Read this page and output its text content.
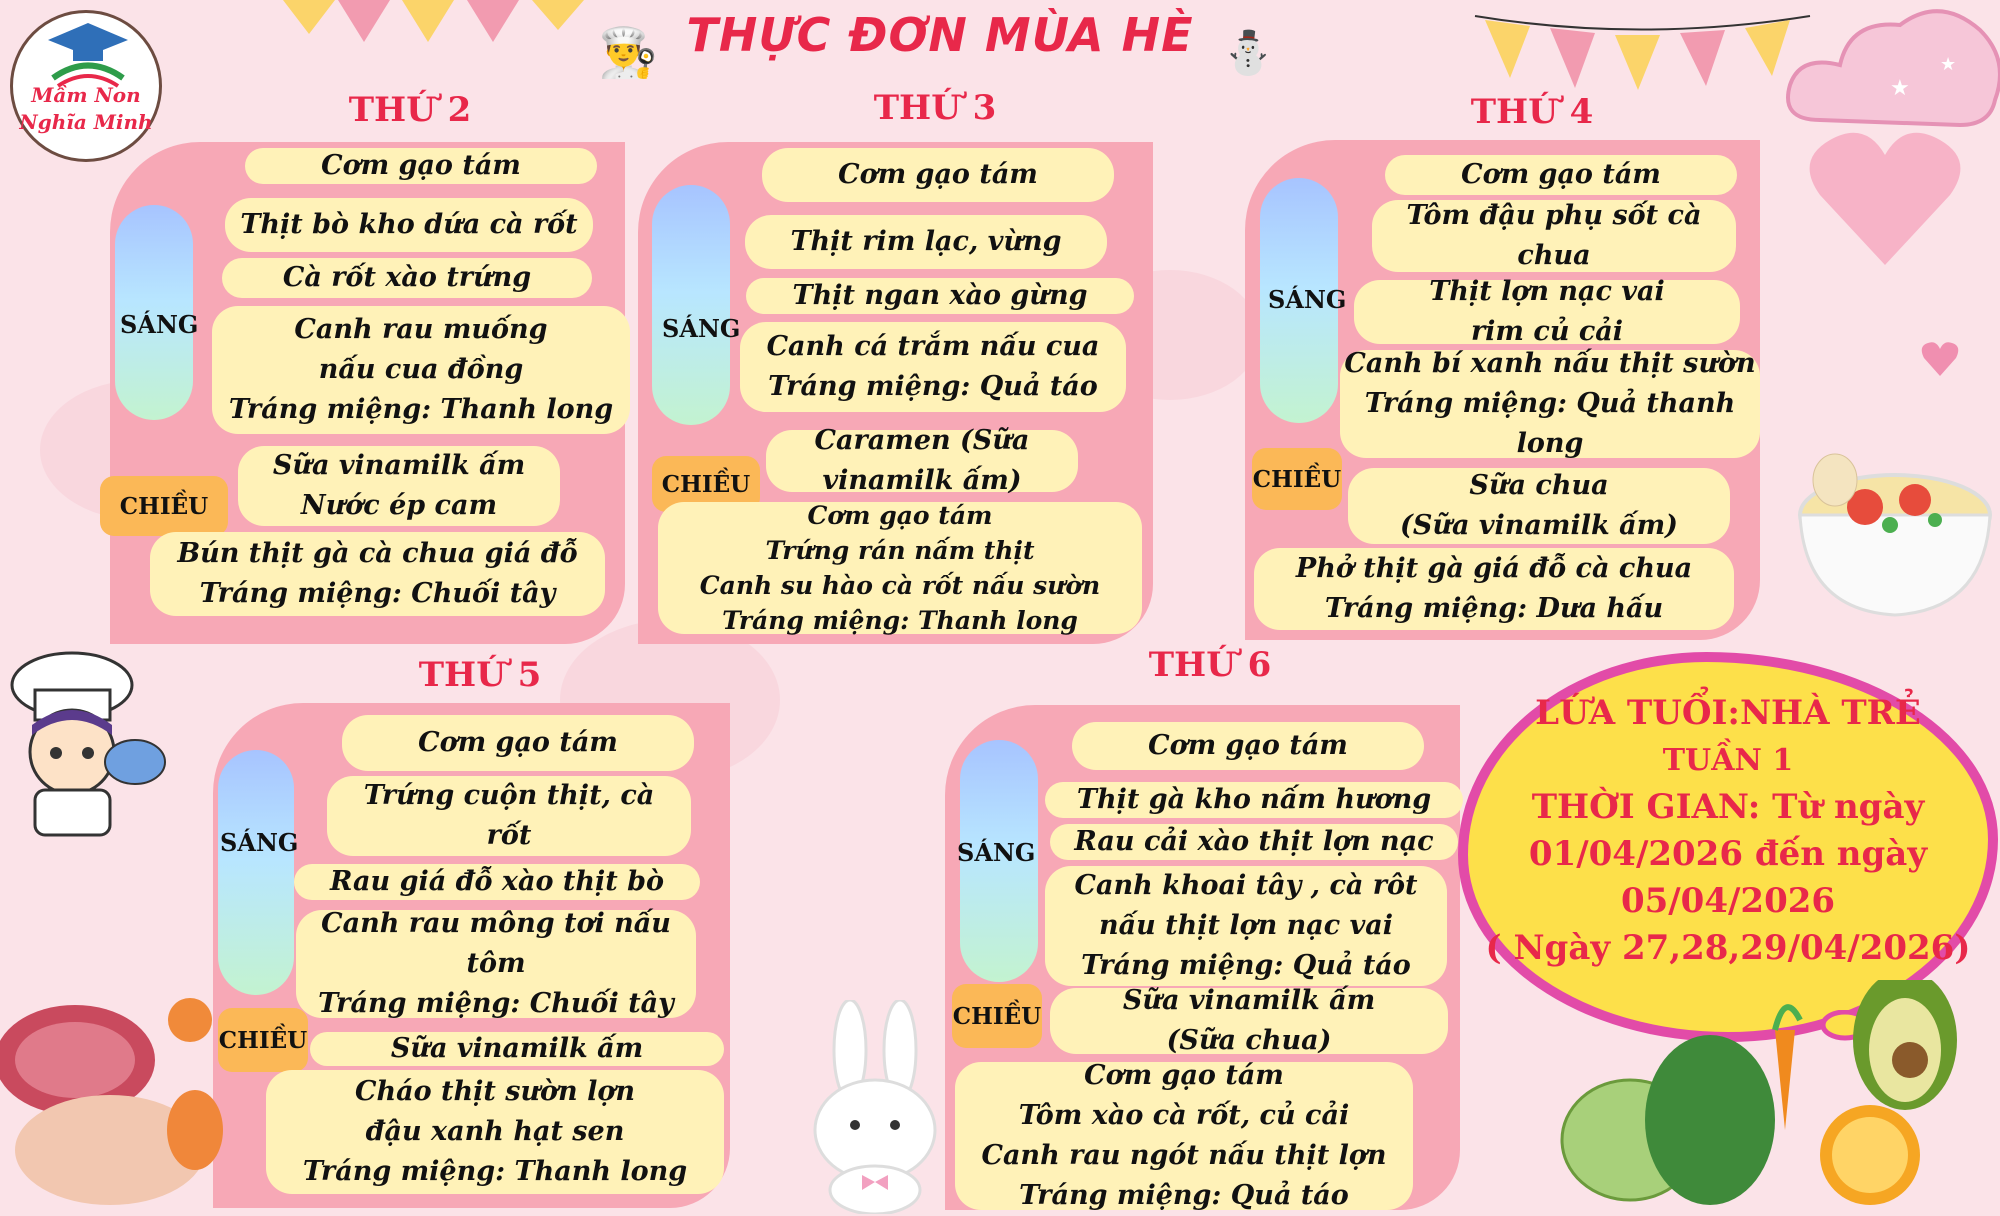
★
★
Mầm Non
Nghĩa Minh
THỰC ĐƠN MÙA HÈ
👨‍🍳	⛄
THỨ 2
SÁNG
Cơm gạo tám
Thịt bò kho dứa cà rốt
Cà rốt xào trứng
Canh rau muống
nấu cua đồng
Tráng miệng: Thanh long
CHIỀU
Sữa vinamilk ấm
Nước ép cam
Bún thịt gà cà chua giá đỗ
Tráng miệng: Chuối tây
THỨ 3
SÁNG
Cơm gạo tám
Thịt rim lạc, vừng
Thịt ngan xào gừng
Canh cá trắm nấu cua
Tráng miệng: Quả táo
CHIỀU
Caramen (Sữa
vinamilk ấm)
Cơm gạo tám
Trứng rán nấm thịt
Canh su hào cà rốt nấu sườn
Tráng miệng: Thanh long
THỨ 4
SÁNG
Cơm gạo tám
Tôm đậu phụ sốt cà
chua
Thịt lợn nạc vai
rim củ cải
Canh bí xanh nấu thịt sườn
Tráng miệng: Quả thanh
long
CHIỀU	Sữa chua
(Sữa vinamilk ấm)
Phở thịt gà giá đỗ cà chua
Tráng miệng: Dưa hấu
THỨ 5
SÁNG
Cơm gạo tám
Trứng cuộn thịt, cà
rốt
Rau giá đỗ xào thịt bò
Canh rau mông tơi nấu tôm
Tráng miệng: Chuối tây
CHIỀU	Sữa vinamilk ấm
Cháo thịt sườn lợn
đậu xanh hạt sen
Tráng miệng: Thanh long
THỨ 6
SÁNG
Cơm gạo tám
Thịt gà kho nấm hương
Rau cải xào thịt lợn nạc
Canh khoai tây , cà rôt
nấu thịt lợn nạc vai
Tráng miệng: Quả táo
CHIỀU	Sữa vinamilk ấm
(Sữa chua)
Cơm gạo tám
Tôm xào cà rốt, củ cải
Canh rau ngót nấu thịt lợn
Tráng miệng: Quả táo
LỨA TUỔI:NHÀ TRẺ
TUẦN 1
THỜI GIAN: Từ ngày
01/04/2026 đến ngày
05/04/2026
( Ngày 27,28,29/04/2026)
